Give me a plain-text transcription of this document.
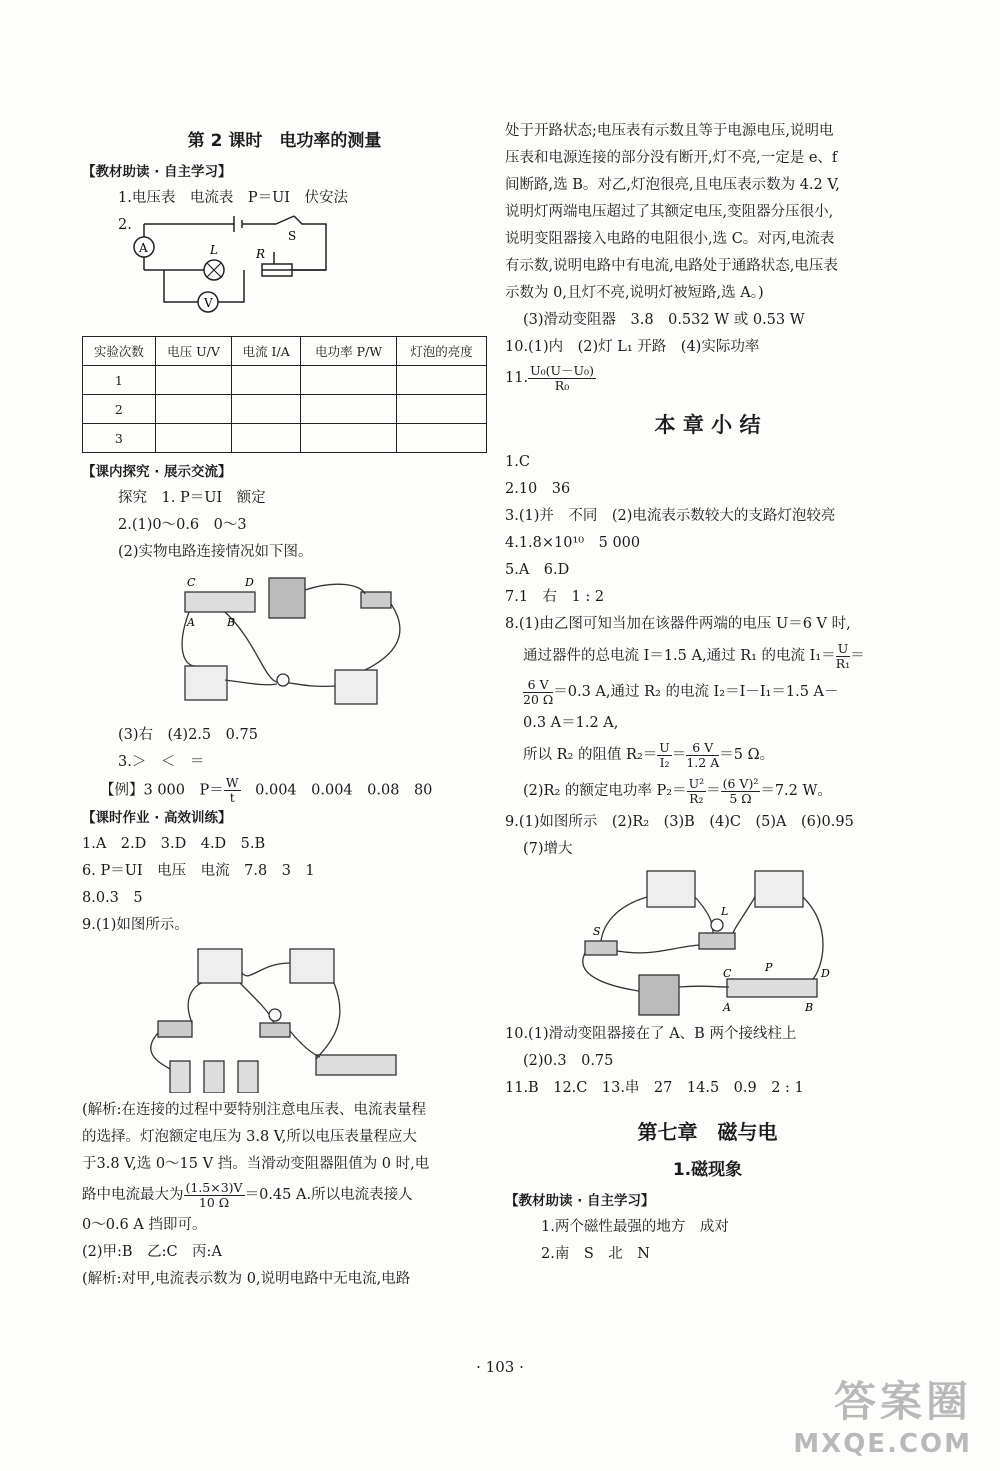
第 2 课时　电功率的测量
【教材助读 · 自主学习】
1.电压表　电流表　P＝UI　伏安法
2.
A
V
L	R
S
实验次数	电压 U/V	电流 I/A	电功率 P/W	灯泡的亮度
1				
2				
3				
【课内探究 · 展示交流】
探究　1. P＝UI　额定
2.(1)0～0.6　0～3
(2)实物电路连接情况如下图。
C	D
A	B
(3)右　(4)2.5　0.75
3.＞　＜　＝
【例】3 000　$P= \frac{W}{t}$ 　0.004　0.004　0.08　80
【课时作业 · 高效训练】
1.A　2.D　3.D　4.D　5.B
6. P＝UI　电压　电流　7.8　3　1
8.0.3　5
9.(1)如图所示。
(解析:在连接的过程中要特别注意电压表、电流表量程
的选择。灯泡额定电压为 3.8 V,所以电压表量程应大
于3.8 V,选 0～15 V 挡。当滑动变阻器阻值为 0 时,电
路中电流最大为 $\frac{(1.5\times 3)V}{10 \Omega} =0.45$ A.所以电流表接人
0～0.6 A 挡即可。
(2)甲:B　乙:C　丙:A
(解析:对甲,电流表示数为 0,说明电路中无电流,电路
处于开路状态;电压表有示数且等于电源电压,说明电
压表和电源连接的部分没有断开,灯不亮,一定是 e、f
间断路,选 B。对乙,灯泡很亮,且电压表示数为 4.2 V,
说明灯两端电压超过了其额定电压,变阻器分压很小,
说明变阻器接入电路的电阻很小,选 C。对丙,电流表
有示数,说明电路中有电流,电路处于通路状态,电压表
示数为 0,且灯不亮,说明灯被短路,选 A。)
(3)滑动变阻器　3.8　0.532 W 或 0.53 W
10.(1)内　(2)灯 L₁ 开路　(4)实际功率
11. $\frac{\text{U₀(U－U₀)}}{\text{R₀}}$
本 章 小 结
1.C
2.10　36
3.(1)并　不同　(2)电流表示数较大的支路灯泡较亮
4.1.8×10¹⁰　5 000
5.A　6.D
7.1　右　1 : 2
8.(1)由乙图可知当加在该器件两端的电压 U＝6 V 时,
通过器件的总电流 I＝1.5 A,通过 R₁ 的电流 $I_1= \frac{U}{\text{R₁}}$ ＝
$\frac{6 V}{20 \Omega} =0.3$ A,通过 R₂ 的电流 I₂＝I－I₁＝1.5 A－
0.3 A＝1.2 A,
所以 R₂ 的阻值 $R_2= \frac{U}{\text{I₂}} = \frac{6 V}{1.2 A} =5$ Ω。
(2)R₂ 的额定电功率 $P_2= \frac{\text{U²}}{\text{R₂}} = \frac{\text{(6 V)²}}{5 \Omega} =7.2$ W。
9.(1)如图所示　(2)R₂　(3)B　(4)C　(5)A　(6)0.95
(7)增大
L
S
P
C	D
A	B
10.(1)滑动变阻器接在了 A、B 两个接线柱上
(2)0.3　0.75
11.B　12.C　13.串　27　14.5　0.9　2 : 1
第七章　磁与电
1.磁现象
【教材助读 · 自主学习】
1.两个磁性最强的地方　成对
2.南　S　北　N
· 103 ·
答案圈
MXQE.COM
